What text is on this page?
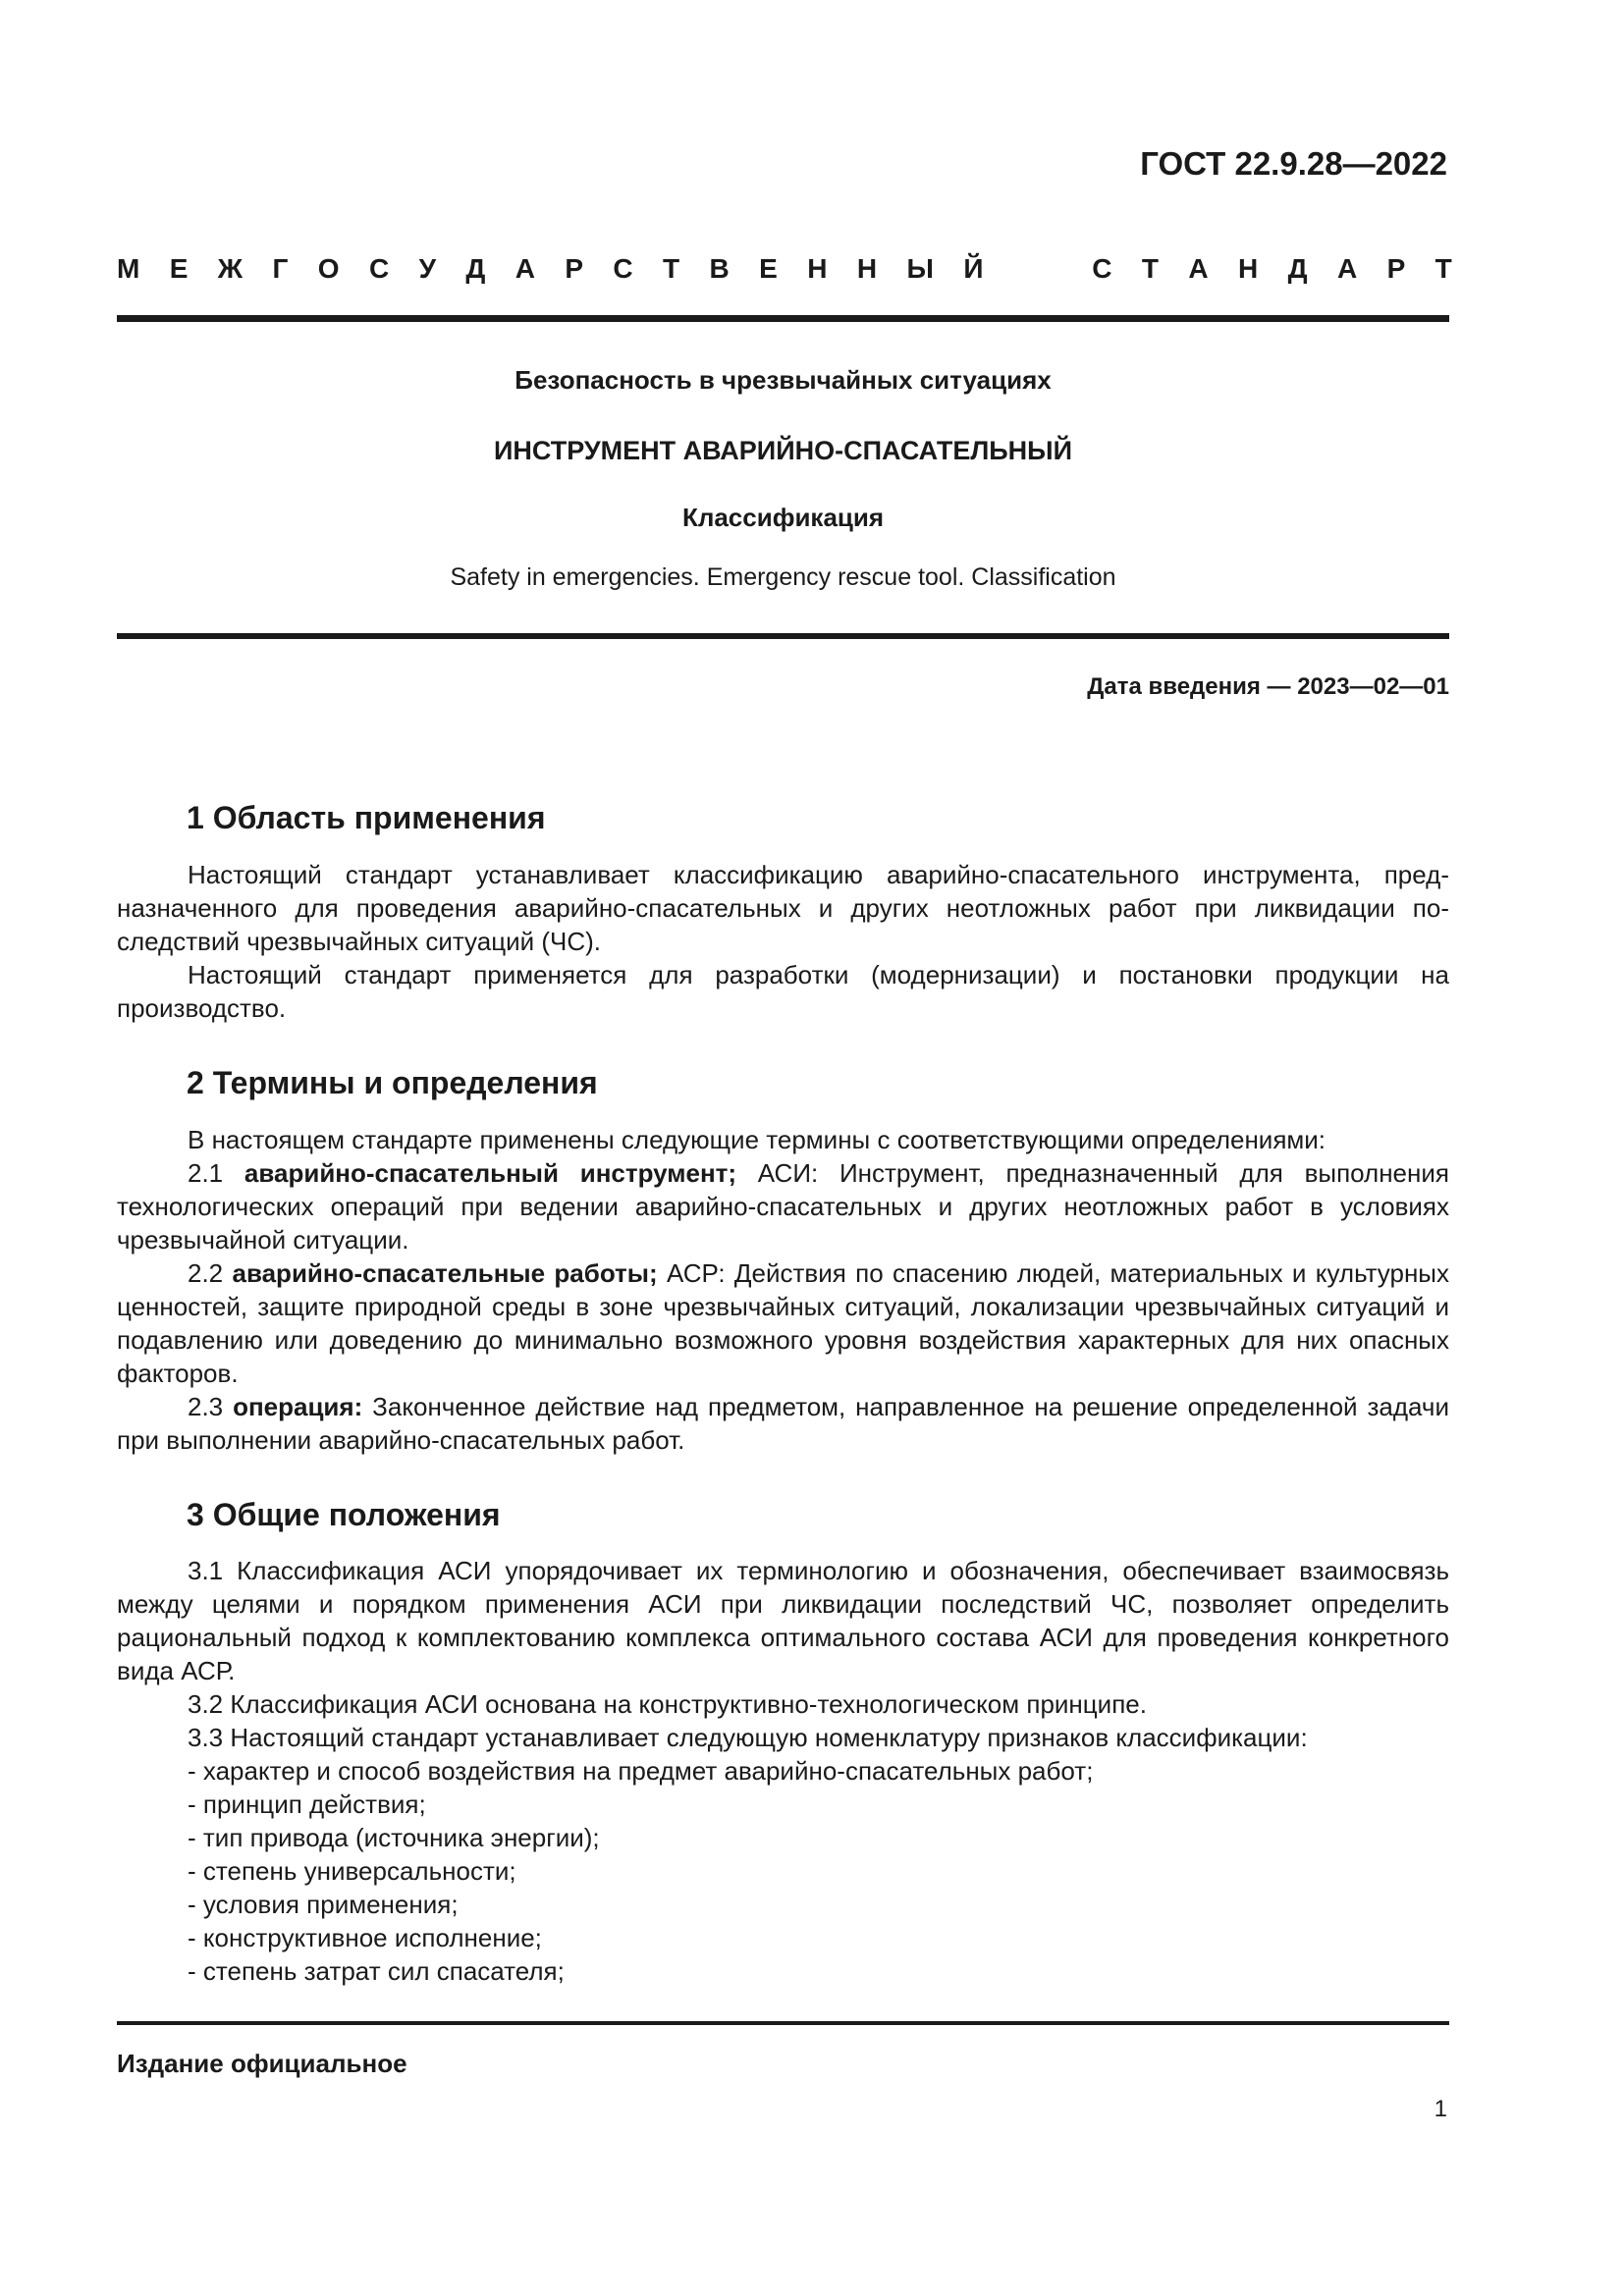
ГОСТ 22.9.28—2022
М Е Ж Г О С У Д А Р С Т В Е Н Н Ы Й	С Т А Н Д А Р Т
Безопасность в чрезвычайных ситуациях
ИНСТРУМЕНТ АВАРИЙНО-СПАСАТЕЛЬНЫЙ
Классификация
Safety in emergencies. Emergency rescue tool. Classification
Дата введения — 2023—02—01
1 Область применения

Настоящий стандарт устанавливает классификацию аварийно-спасательного инструмента, предназначенного для проведения аварийно-спасательных и других неотложных работ при ликвидации последствий чрезвычайных ситуаций (ЧС).

Настоящий стандарт применяется для разработки (модернизации) и постановки продукции на производство.

2 Термины и определения

В настоящем стандарте применены следующие термины с соответствующими определениями:

2.1 аварийно-спасательный инструмент; АСИ: Инструмент, предназначенный для выполнения технологических операций при ведении аварийно-спасательных и других неотложных работ в условиях чрезвычайной ситуации.

2.2 аварийно-спасательные работы; АСР: Действия по спасению людей, материальных и культурных ценностей, защите природной среды в зоне чрезвычайных ситуаций, локализации чрезвычайных ситуаций и подавлению или доведению до минимально возможного уровня воздействия характерных для них опасных факторов.

2.3 операция: Законченное действие над предметом, направленное на решение определенной задачи при выполнении аварийно-спасательных работ.

3 Общие положения

3.1 Классификация АСИ упорядочивает их терминологию и обозначения, обеспечивает взаимосвязь между целями и порядком применения АСИ при ликвидации последствий ЧС, позволяет определить рациональный подход к комплектованию комплекса оптимального состава АСИ для проведения конкретного вида АСР.

3.2 Классификация АСИ основана на конструктивно-технологическом принципе.

3.3 Настоящий стандарт устанавливает следующую номенклатуру признаков классификации:

- характер и способ воздействия на предмет аварийно-спасательных работ;

- принцип действия;

- тип привода (источника энергии);

- степень универсальности;

- условия применения;

- конструктивное исполнение;

- степень затрат сил спасателя;

Издание официальное
1
